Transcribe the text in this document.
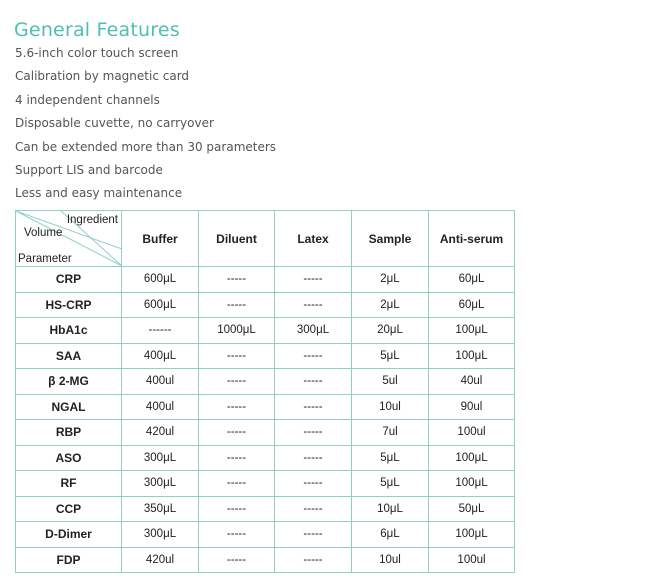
General Features
5.6-inch color touch screen
Calibration by magnetic card
4 independent channels
Disposable cuvette, no carryover
Can be extended more than 30 parameters
Support LIS and barcode
Less and easy maintenance
Ingredient
Volume
Parameter	Buffer	Diluent	Latex	Sample	Anti-serum
CRP	600μL	-----	-----	2μL	60μL
HS-CRP	600μL	-----	-----	2μL	60μL
HbA1c	------	1000μL	300μL	20μL	100μL
SAA	400μL	-----	-----	5μL	100μL
β 2-MG	400ul	-----	-----	5ul	40ul
NGAL	400ul	-----	-----	10ul	90ul
RBP	420ul	-----	-----	7ul	100ul
ASO	300μL	-----	-----	5μL	100μL
RF	300μL	-----	-----	5μL	100μL
CCP	350μL	-----	-----	10μL	50μL
D-Dimer	300μL	-----	-----	6μL	100μL
FDP	420ul	-----	-----	10ul	100ul
